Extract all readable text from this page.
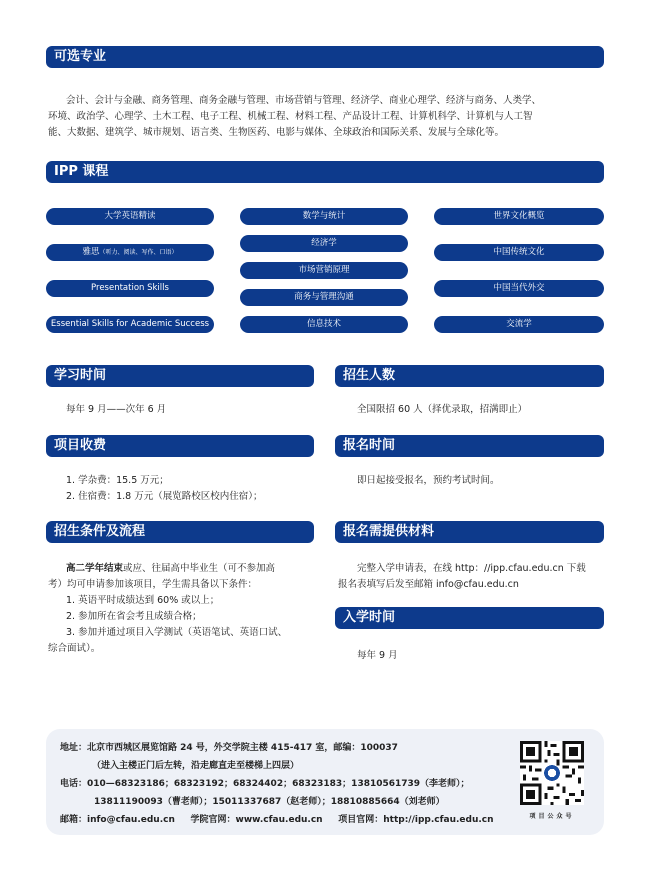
可选专业
会计、会计与金融、商务管理、商务金融与管理、市场营销与管理、经济学、商业心理学、经济与商务、人类学、
环境、政治学、心理学、土木工程、电子工程、机械工程、材料工程、产品设计工程、计算机科学、计算机与人工智
能、大数据、建筑学、城市规划、语言类、生物医药、电影与媒体、全球政治和国际关系、发展与全球化等。
IPP 课程
大学英语精读
雅思（听力、阅读、写作、口语）
Presentation Skills
Essential Skills for Academic Success
数学与统计
经济学
市场营销原理
商务与管理沟通
信息技术
世界文化概览
中国传统文化
中国当代外交
交流学
学习时间
每年 9 月——次年 6 月
招生人数
全国限招 60 人（择优录取，招满即止）
项目收费
1. 学杂费：15.5 万元；
2. 住宿费：1.8 万元（展览路校区校内住宿）；
报名时间
即日起接受报名，预约考试时间。
招生条件及流程
高二学年结束或应、往届高中毕业生（可不参加高
考）均可申请参加该项目，学生需具备以下条件：
1. 英语平时成绩达到 60% 或以上；
2. 参加所在省会考且成绩合格；
3. 参加并通过项目入学测试（英语笔试、英语口试、
综合面试）。
报名需提供材料
完整入学申请表，在线 http：//ipp.cfau.edu.cn 下载
报名表填写后发至邮箱 info@cfau.edu.cn
入学时间
每年 9 月
地址：北京市西城区展览馆路 24 号，外交学院主楼 415-417 室，邮编：100037
（进入主楼正门后左转，沿走廊直走至楼梯上四层）
电话：010—68323186；68323192；68324402；68323183；13810561739（李老师）；
13811190093（曹老师）；15011337687（赵老师）；18810885664（刘老师）
邮箱：info@cfau.edu.cn     学院官网：www.cfau.edu.cn     项目官网：http://ipp.cfau.edu.cn	项目公众号
